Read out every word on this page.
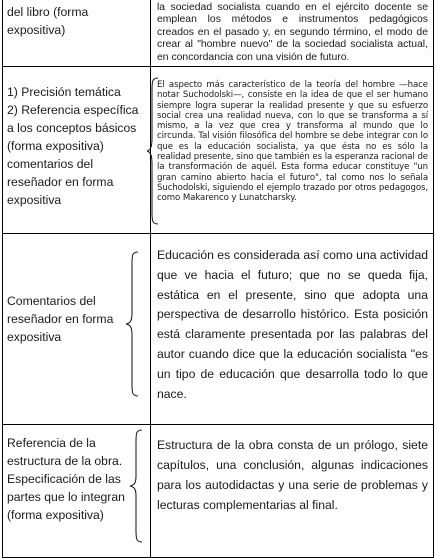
del libro (forma
expositiva)
la sociedad socialista cuando en el ejército docente se emplean los métodos e instrumentos pedagógicos creados en el pasado y, en segundo término, el modo de crear al "hombre nuevo" de la sociedad socialista actual, en concordancia con una visión de futuro.
1) Precisión temática
2) Referencia específica
a los conceptos básicos
(forma expositiva)
comentarios del
reseñador en forma
expositiva
El aspecto más característico de la teoría del hombre —hace notar Suchodolski—, consiste en la idea de que el ser humano siempre logra superar la realidad presente y que su esfuerzo social crea una realidad nueva, con lo que se transforma a sí mismo, a la vez que crea y transforma al mundo que lo circunda. Tal visión filosófica del hombre se debe integrar con lo que es la educación socialista, ya que ésta no es sólo la realidad presente, sino que también es la esperanza racional de la transformación de aquél. Esta forma educar constituye "un gran camino abierto hacia el futuro", tal como nos lo señala Suchodolski, siguiendo el ejemplo trazado por otros pedagogos, como Makarenco y Lunatcharsky.
Comentarios del
reseñador en forma
expositiva
Educación es considerada así como una actividad que ve hacia el futuro; que no se queda fija, estática en el presente, sino que adopta una perspectiva de desarrollo histórico. Esta posición está claramente presentada por las palabras del autor cuando dice que la educación socialista "es un tipo de educación que desarrolla todo lo que nace.
Referencia de la
estructura de la obra.
Especificación de las
partes que lo integran
(forma expositiva)
Estructura de la obra consta de un prólogo, siete capítulos, una conclusión, algunas indicaciones para los autodidactas y una serie de problemas y lecturas complementarias al final.
